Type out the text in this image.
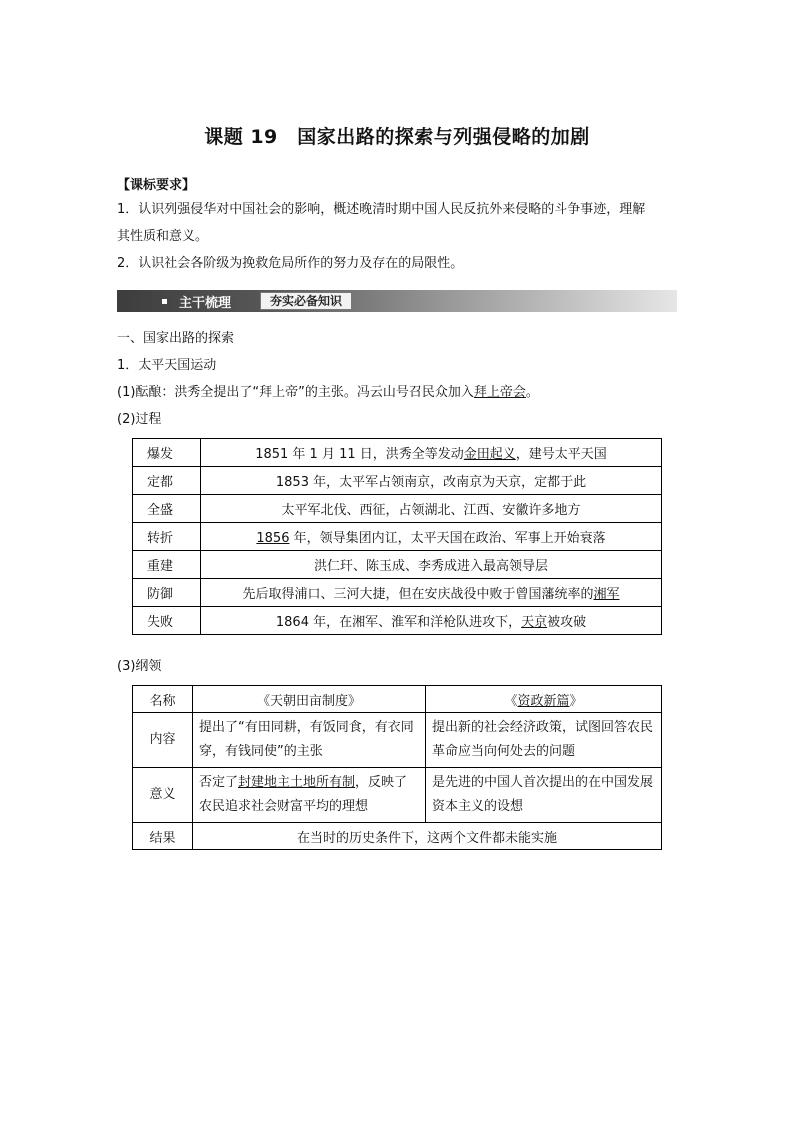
课题 19　国家出路的探索与列强侵略的加剧
【课标要求】
1．认识列强侵华对中国社会的影响，概述晚清时期中国人民反抗外来侵略的斗争事迹，理解
其性质和意义。
2．认识社会各阶级为挽救危局所作的努力及存在的局限性。
主干梳理	夯实必备知识
一、国家出路的探索
1．太平天国运动
(1)酝酿：洪秀全提出了“拜上帝”的主张。冯云山号召民众加入拜上帝会。
(2)过程
爆发	1851 年 1 月 11 日，洪秀全等发动金田起义，建号太平天国
定都	1853 年，太平军占领南京，改南京为天京，定都于此
全盛	太平军北伐、西征，占领湖北、江西、安徽许多地方
转折	1856 年，领导集团内讧，太平天国在政治、军事上开始衰落
重建	洪仁玕、陈玉成、李秀成进入最高领导层
防御	先后取得浦口、三河大捷，但在安庆战役中败于曾国藩统率的湘军
失败	1864 年，在湘军、淮军和洋枪队进攻下，天京被攻破
(3)纲领
名称	《天朝田亩制度》	《资政新篇》
内容	提出了“有田同耕，有饭同食，有衣同穿，有钱同使”的主张	提出新的社会经济政策，试图回答农民革命应当向何处去的问题
意义	否定了封建地主土地所有制，反映了农民追求社会财富平均的理想	是先进的中国人首次提出的在中国发展资本主义的设想
结果	在当时的历史条件下，这两个文件都未能实施	
